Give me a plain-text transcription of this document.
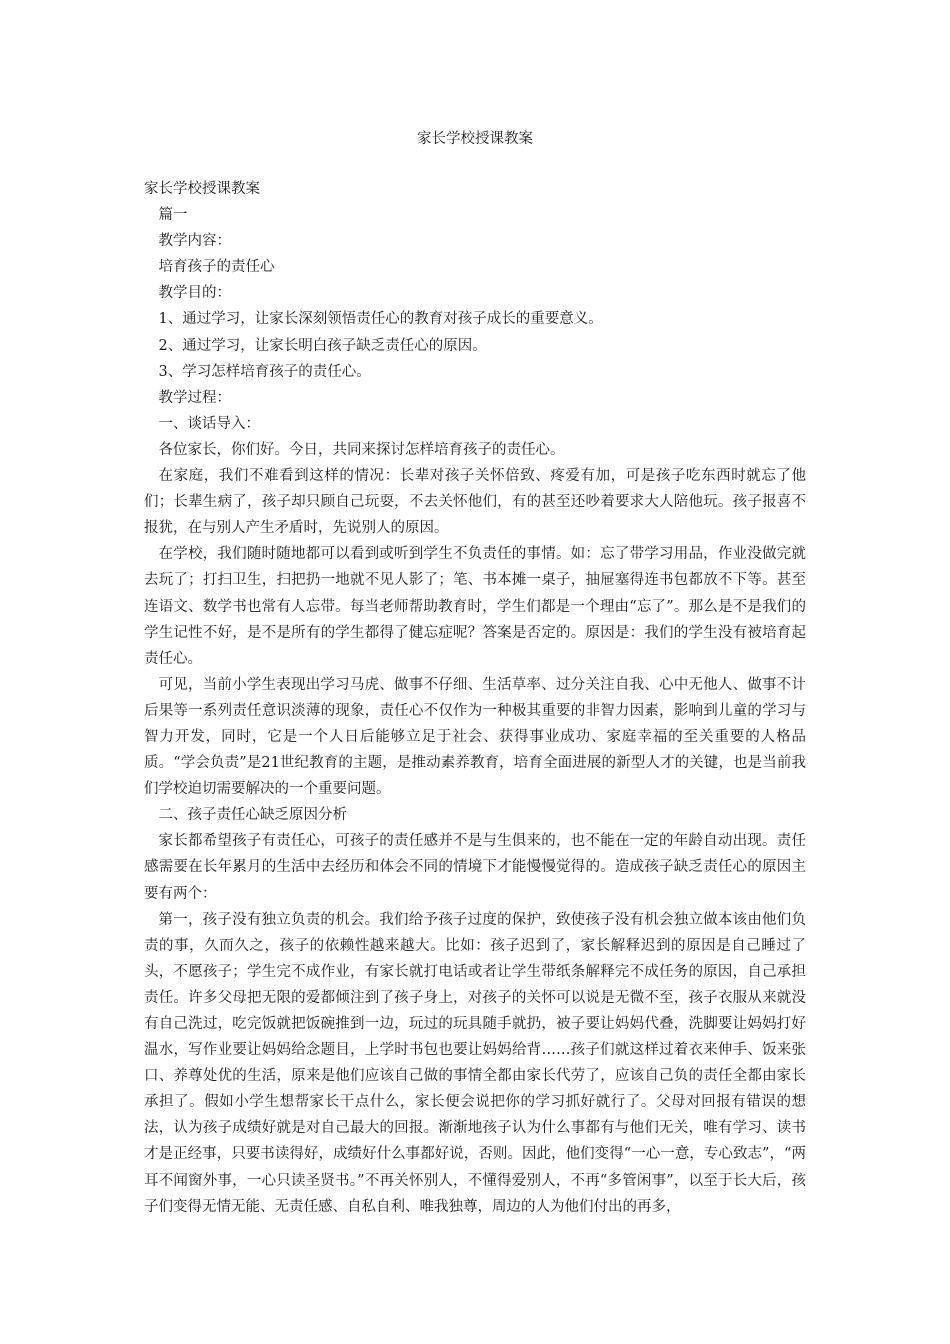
家长学校授课教案

家长学校授课教案

篇一

教学内容：

培育孩子的责任心

教学目的：

1、通过学习，让家长深刻领悟责任心的教育对孩子成长的重要意义。

2、通过学习，让家长明白孩子缺乏责任心的原因。

3、学习怎样培育孩子的责任心。

教学过程：

一、谈话导入：

各位家长，你们好。今日，共同来探讨怎样培育孩子的责任心。

在家庭，我们不难看到这样的情况：长辈对孩子关怀倍致、疼爱有加，可是孩子吃东西时就忘了他们；长辈生病了，孩子却只顾自己玩耍，不去关怀他们，有的甚至还吵着要求大人陪他玩。孩子报喜不报犹，在与别人产生矛盾时，先说别人的原因。

在学校，我们随时随地都可以看到或听到学生不负责任的事情。如：忘了带学习用品，作业没做完就去玩了；打扫卫生，扫把扔一地就不见人影了；笔、书本摊一桌子，抽屉塞得连书包都放不下等。甚至连语文、数学书也常有人忘带。每当老师帮助教育时，学生们都是一个理由“忘了”。那么是不是我们的学生记性不好，是不是所有的学生都得了健忘症呢？答案是否定的。原因是：我们的学生没有被培育起责任心。

可见，当前小学生表现出学习马虎、做事不仔细、生活草率、过分关注自我、心中无他人、做事不计后果等一系列责任意识淡薄的现象，责任心不仅作为一种极其重要的非智力因素，影响到儿童的学习与智力开发，同时，它是一个人日后能够立足于社会、获得事业成功、家庭幸福的至关重要的人格品质。“学会负责”是21世纪教育的主题，是推动素养教育，培育全面进展的新型人才的关键，也是当前我们学校迫切需要解决的一个重要问题。

二、孩子责任心缺乏原因分析

家长都希望孩子有责任心，可孩子的责任感并不是与生俱来的，也不能在一定的年龄自动出现。责任感需要在长年累月的生活中去经历和体会不同的情境下才能慢慢觉得的。造成孩子缺乏责任心的原因主要有两个：

第一，孩子没有独立负责的机会。我们给予孩子过度的保护，致使孩子没有机会独立做本该由他们负责的事，久而久之，孩子的依赖性越来越大。比如：孩子迟到了，家长解释迟到的原因是自己睡过了头，不愿孩子；学生完不成作业，有家长就打电话或者让学生带纸条解释完不成任务的原因，自己承担责任。许多父母把无限的爱都倾注到了孩子身上，对孩子的关怀可以说是无微不至，孩子衣服从来就没有自己洗过，吃完饭就把饭碗推到一边，玩过的玩具随手就扔，被子要让妈妈代叠，洗脚要让妈妈打好温水，写作业要让妈妈给念题目，上学时书包也要让妈妈给背……孩子们就这样过着衣来伸手、饭来张口、养尊处优的生活，原来是他们应该自己做的事情全都由家长代劳了，应该自己负的责任全都由家长承担了。假如小学生想帮家长干点什么，家长便会说把你的学习抓好就行了。父母对回报有错误的想法，认为孩子成绩好就是对自己最大的回报。渐渐地孩子认为什么事都有与他们无关，唯有学习、读书才是正经事，只要书读得好，成绩好什么事都好说，否则。因此，他们变得“一心一意，专心致志”，“两耳不闻窗外事，一心只读圣贤书。”不再关怀别人，不懂得爱别人，不再“多管闲事”，以至于长大后，孩子们变得无情无能、无责任感、自私自利、唯我独尊，周边的人为他们付出的再多，
